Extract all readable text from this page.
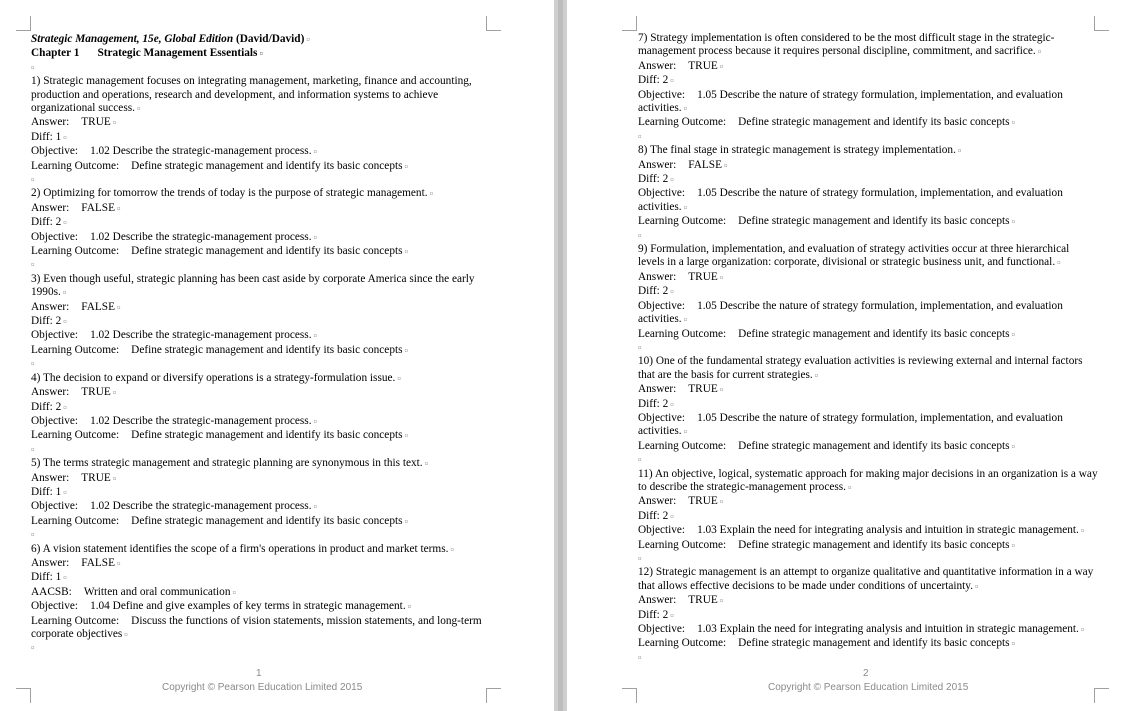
Strategic Management, 15e, Global Edition (David/David) ¤
Chapter 1 Strategic Management Essentials ¤
¤
1) Strategic management focuses on integrating management, marketing, finance and accounting, production and operations, research and development, and information systems to achieve organizational success. ¤
Answer: TRUE ¤
Diff: 1 ¤
Objective: 1.02 Describe the strategic-management process. ¤
Learning Outcome: Define strategic management and identify its basic concepts ¤
¤
2) Optimizing for tomorrow the trends of today is the purpose of strategic management. ¤
Answer: FALSE ¤
Diff: 2 ¤
Objective: 1.02 Describe the strategic-management process. ¤
Learning Outcome: Define strategic management and identify its basic concepts ¤
¤
3) Even though useful, strategic planning has been cast aside by corporate America since the early 1990s. ¤
Answer: FALSE ¤
Diff: 2 ¤
Objective: 1.02 Describe the strategic-management process. ¤
Learning Outcome: Define strategic management and identify its basic concepts ¤
¤
4) The decision to expand or diversify operations is a strategy-formulation issue. ¤
Answer: TRUE ¤
Diff: 2 ¤
Objective: 1.02 Describe the strategic-management process. ¤
Learning Outcome: Define strategic management and identify its basic concepts ¤
¤
5) The terms strategic management and strategic planning are synonymous in this text. ¤
Answer: TRUE ¤
Diff: 1 ¤
Objective: 1.02 Describe the strategic-management process. ¤
Learning Outcome: Define strategic management and identify its basic concepts ¤
¤
6) A vision statement identifies the scope of a firm's operations in product and market terms. ¤
Answer: FALSE ¤
Diff: 1 ¤
AACSB: Written and oral communication ¤
Objective: 1.04 Define and give examples of key terms in strategic management. ¤
Learning Outcome: Discuss the functions of vision statements, mission statements, and long-term corporate objectives ¤
¤
1
Copyright © Pearson Education Limited 2015
7) Strategy implementation is often considered to be the most difficult stage in the strategic-management process because it requires personal discipline, commitment, and sacrifice. ¤
Answer: TRUE ¤
Diff: 2 ¤
Objective: 1.05 Describe the nature of strategy formulation, implementation, and evaluation activities. ¤
Learning Outcome: Define strategic management and identify its basic concepts ¤
¤
8) The final stage in strategic management is strategy implementation. ¤
Answer: FALSE ¤
Diff: 2 ¤
Objective: 1.05 Describe the nature of strategy formulation, implementation, and evaluation activities. ¤
Learning Outcome: Define strategic management and identify its basic concepts ¤
¤
9) Formulation, implementation, and evaluation of strategy activities occur at three hierarchical levels in a large organization: corporate, divisional or strategic business unit, and functional. ¤
Answer: TRUE ¤
Diff: 2 ¤
Objective: 1.05 Describe the nature of strategy formulation, implementation, and evaluation activities. ¤
Learning Outcome: Define strategic management and identify its basic concepts ¤
¤
10) One of the fundamental strategy evaluation activities is reviewing external and internal factors that are the basis for current strategies. ¤
Answer: TRUE ¤
Diff: 2 ¤
Objective: 1.05 Describe the nature of strategy formulation, implementation, and evaluation activities. ¤
Learning Outcome: Define strategic management and identify its basic concepts ¤
¤
11) An objective, logical, systematic approach for making major decisions in an organization is a way to describe the strategic-management process. ¤
Answer: TRUE ¤
Diff: 2 ¤
Objective: 1.03 Explain the need for integrating analysis and intuition in strategic management. ¤
Learning Outcome: Define strategic management and identify its basic concepts ¤
¤
12) Strategic management is an attempt to organize qualitative and quantitative information in a way that allows effective decisions to be made under conditions of uncertainty. ¤
Answer: TRUE ¤
Diff: 2 ¤
Objective: 1.03 Explain the need for integrating analysis and intuition in strategic management. ¤
Learning Outcome: Define strategic management and identify its basic concepts ¤
¤
2
Copyright © Pearson Education Limited 2015
